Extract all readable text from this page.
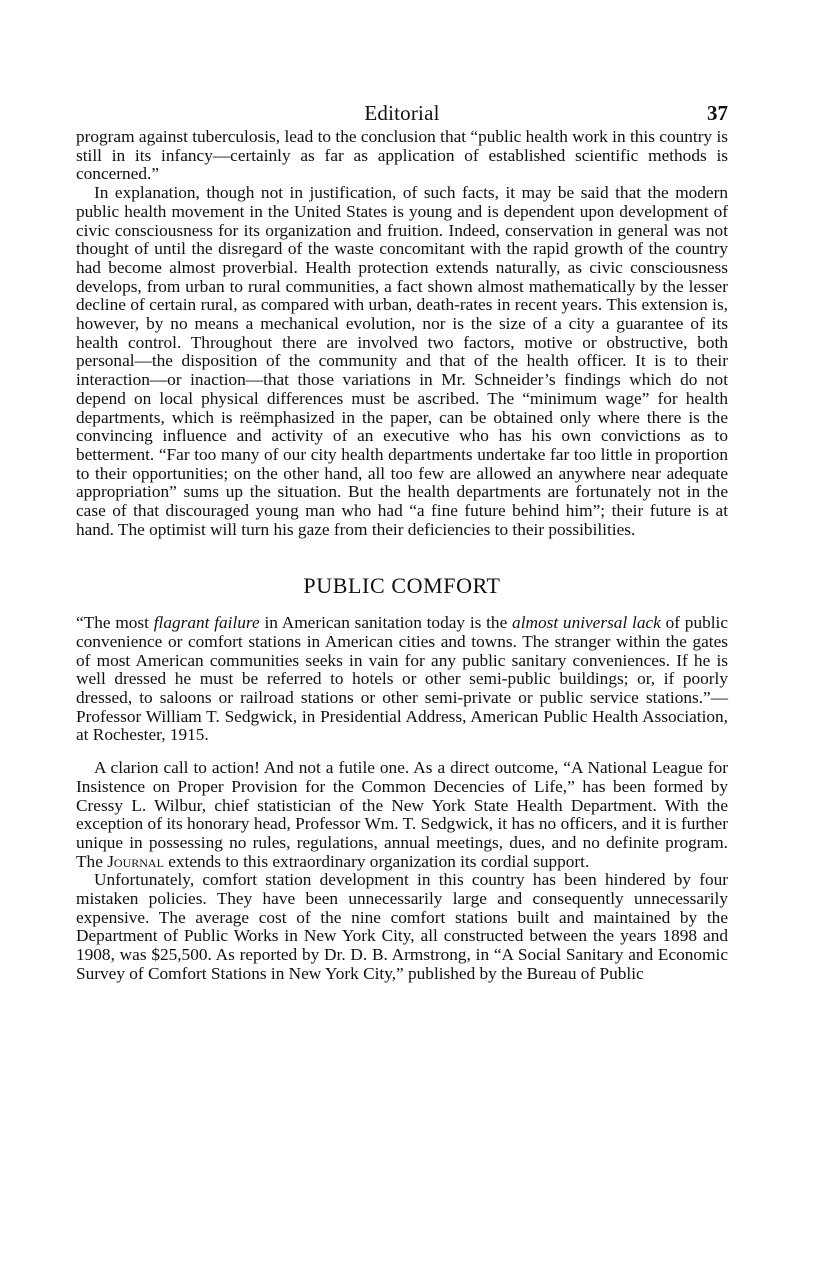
Editorial	37

program against tuberculosis, lead to the conclusion that “public health work in this country is still in its infancy—certainly as far as application of established scientific methods is concerned.”

In explanation, though not in justification, of such facts, it may be said that the modern public health movement in the United States is young and is dependent upon development of civic consciousness for its organization and fruition. Indeed, conservation in general was not thought of until the disregard of the waste concomitant with the rapid growth of the country had become almost proverbial. Health protection extends naturally, as civic consciousness develops, from urban to rural communities, a fact shown almost mathematically by the lesser decline of certain rural, as compared with urban, death-rates in recent years. This extension is, however, by no means a mechanical evolution, nor is the size of a city a guarantee of its health control. Throughout there are involved two factors, motive or obstructive, both personal—the disposition of the community and that of the health officer. It is to their interaction—or inaction—that those variations in Mr. Schneider’s findings which do not depend on local physical differences must be ascribed. The “minimum wage” for health departments, which is reëmphasized in the paper, can be obtained only where there is the convincing influence and activity of an executive who has his own convictions as to betterment. “Far too many of our city health departments undertake far too little in proportion to their opportunities; on the other hand, all too few are allowed an anywhere near adequate appropriation” sums up the situation. But the health departments are fortunately not in the case of that discouraged young man who had “a fine future behind him”; their future is at hand. The optimist will turn his gaze from their deficiencies to their possibilities.

PUBLIC COMFORT

“The most flagrant failure in American sanitation today is the almost universal lack of public convenience or comfort stations in American cities and towns. The stranger within the gates of most American communities seeks in vain for any public sanitary conveniences. If he is well dressed he must be referred to hotels or other semi-public buildings; or, if poorly dressed, to saloons or railroad stations or other semi-private or public service stations.”—Professor William T. Sedgwick, in Presidential Address, American Public Health Association, at Rochester, 1915.

A clarion call to action! And not a futile one. As a direct outcome, “A National League for Insistence on Proper Provision for the Common Decencies of Life,” has been formed by Cressy L. Wilbur, chief statistician of the New York State Health Department. With the exception of its honorary head, Professor Wm. T. Sedgwick, it has no officers, and it is further unique in possessing no rules, regulations, annual meetings, dues, and no definite program. The Journal extends to this extraordinary organization its cordial support.

Unfortunately, comfort station development in this country has been hindered by four mistaken policies. They have been unnecessarily large and consequently unnecessarily expensive. The average cost of the nine comfort stations built and maintained by the Department of Public Works in New York City, all constructed between the years 1898 and 1908, was $25,500. As reported by Dr. D. B. Armstrong, in “A Social Sanitary and Economic Survey of Comfort Stations in New York City,” published by the Bureau of Public
